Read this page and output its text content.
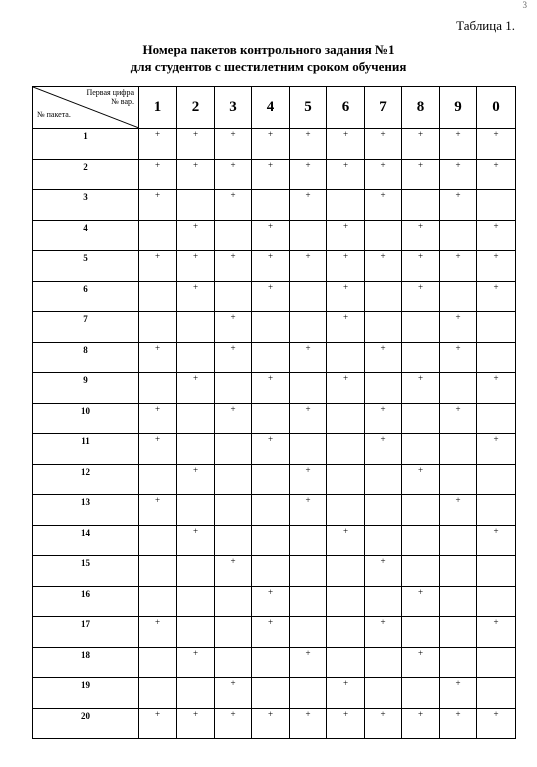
3
Таблица 1.
Номера пакетов контрольного задания №1
для студентов с шестилетним сроком обучения
Первая цифра
№ вар.
№ пакета.	1	2	3	4	5	6	7	8	9	0
1	+	+	+	+	+	+	+	+	+	+
2	+	+	+	+	+	+	+	+	+	+
3	+		+		+		+		+	
4		+		+		+		+		+
5	+	+	+	+	+	+	+	+	+	+
6		+		+		+		+		+
7			+			+			+	
8	+		+		+		+		+	
9		+		+		+		+		+
10	+		+		+		+		+	
11	+			+			+			+
12		+			+			+		
13	+				+				+	
14		+				+				+
15			+				+			
16				+				+		
17	+			+			+			+
18		+			+			+		
19			+			+			+	
20	+	+	+	+	+	+	+	+	+	+
